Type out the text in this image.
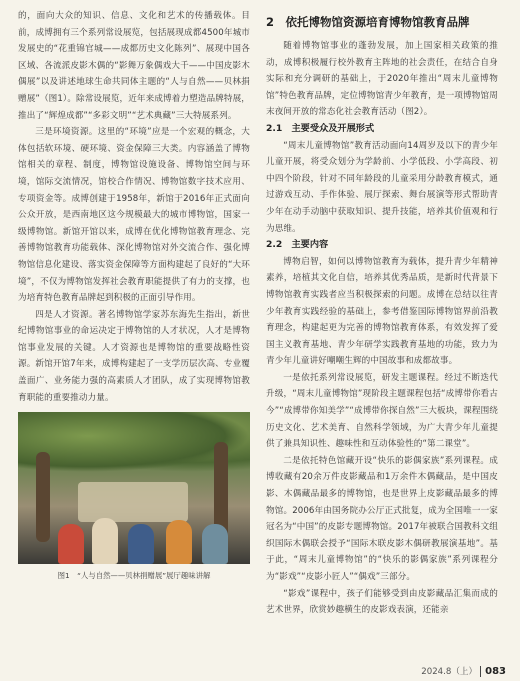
的，面向大众的知识、信息、文化和艺术的传播载体。目前，成博拥有三个系列常设展览，包括展现成都4500年城市发展史的“花重锦官城——成都历史文化陈列”、展现中国各区域、各流派皮影木偶的“影舞万象偶戏大千——中国皮影木偶展”以及讲述地球生命共同体主题的“人与自然——贝林捐赠展”（图1）。除常设展览，近年来成博着力塑造品牌特展，推出了“辉煌成都”“多彩文明”“艺术典藏”三大特展系列。

三是环境资源。这里的“环境”应是一个宏观的概念，大体包括软环境、硬环境、资金保障三大类。内容涵盖了博物馆相关的章程、制度，博物馆设施设备、博物馆空间与环境，馆际交流情况，馆校合作情况、博物馆数字技术应用、专项资金等。成博创建于1958年，新馆于2016年正式面向公众开放，是西南地区这今规模最大的城市博物馆，国家一级博物馆。新馆开馆以来，成博在优化博物馆教育理念、完善博物馆教育功能载体、深化博物馆对外交流合作、强化博物馆信息化建设、落实资金保障等方面构建起了良好的“大环境”，不仅为博物馆发挥社会教育职能提供了有力的支撑，也为培育特色教育品牌起到积极的正面引导作用。

四是人才资源。著名博物馆学家苏东海先生指出，新世纪博物馆事业的命运决定于博物馆的人才状况，人才是博物馆事业发展的关键。人才资源也是博物馆的重要战略性资源。新馆开馆7年来，成博构建起了一支学历层次高、专业覆盖面广、业务能力强的高素质人才团队，成了实现博物馆教育职能的重要推动力量。

图1　“人与自然——贝林捐赠展”展厅趣味讲解
2　依托博物馆资源培育博物馆教育品牌

随着博物馆事业的蓬勃发展，加上国家相关政策的推动，成博积极履行校外教育主阵地的社会责任，在结合自身实际和充分调研的基础上，于2020年推出“周末儿童博物馆”特色教育品牌，定位博物馆青少年教育，是一项博物馆周末夜间开放的常态化社会教育活动（图2）。

2.1　主要受众及开展形式

“周末儿童博物馆”教育活动面向14周岁及以下的青少年儿童开展，将受众划分为学龄前、小学低段、小学高段、初中四个阶段，针对不同年龄段的儿童采用分龄教育模式，通过游戏互动、手作体验、展厅探索、舞台展演等形式帮助青少年在动手动脑中获取知识、提升技能，培养其价值观和行为思维。

2.2　主要内容

博物启智，如何以博物馆教育为载体，提升青少年精神素养，培植其文化自信，培养其优秀品质，是新时代背景下博物馆教育实践者应当积极探索的问题。成博在总结以往青少年教育实践经验的基础上，参考借鉴国际博物馆界前沿教育理念，构建起更为完善的博物馆教育体系，有效发挥了爱国主义教育基地、青少年研学实践教育基地的功能，致力为青少年儿童讲好嘲嘲生辉的中国故事和成都故事。

一是依托系列常设展览，研发主题课程。经过不断迭代升级，“周末儿童博物馆”现阶段主题课程包括“成博带你看古今”“成博带你知美学”“成博带你探自然”三大板块，课程围绕历史文化、艺术美育、自然科学领域，为广大青少年儿童提供了兼具知识性、趣味性和互动体验性的“第二课堂”。

二是依托特色馆藏开设“快乐的影偶家族”系列课程。成博收藏有20余万件皮影藏品和1万余件木偶藏品，是中国皮影、木偶藏品最多的博物馆，也是世界上皮影藏品最多的博物馆。2006年由国务院办公厅正式批复，成为全国唯一一家冠名为“中国”的皮影专题博物馆。2017年被联合国教科文组织国际木偶联会授予“国际木联皮影木偶研教展演基地”。基于此，“周末儿童博物馆”的“快乐的影偶家族”系列课程分为“影戏”“皮影小匠人”“偶戏”三部分。

“影戏”课程中，孩子们能够受到由皮影藏品汇集而成的艺术世界，欣赏妙趣横生的皮影戏表演，还能亲

2024.8（上） 083
